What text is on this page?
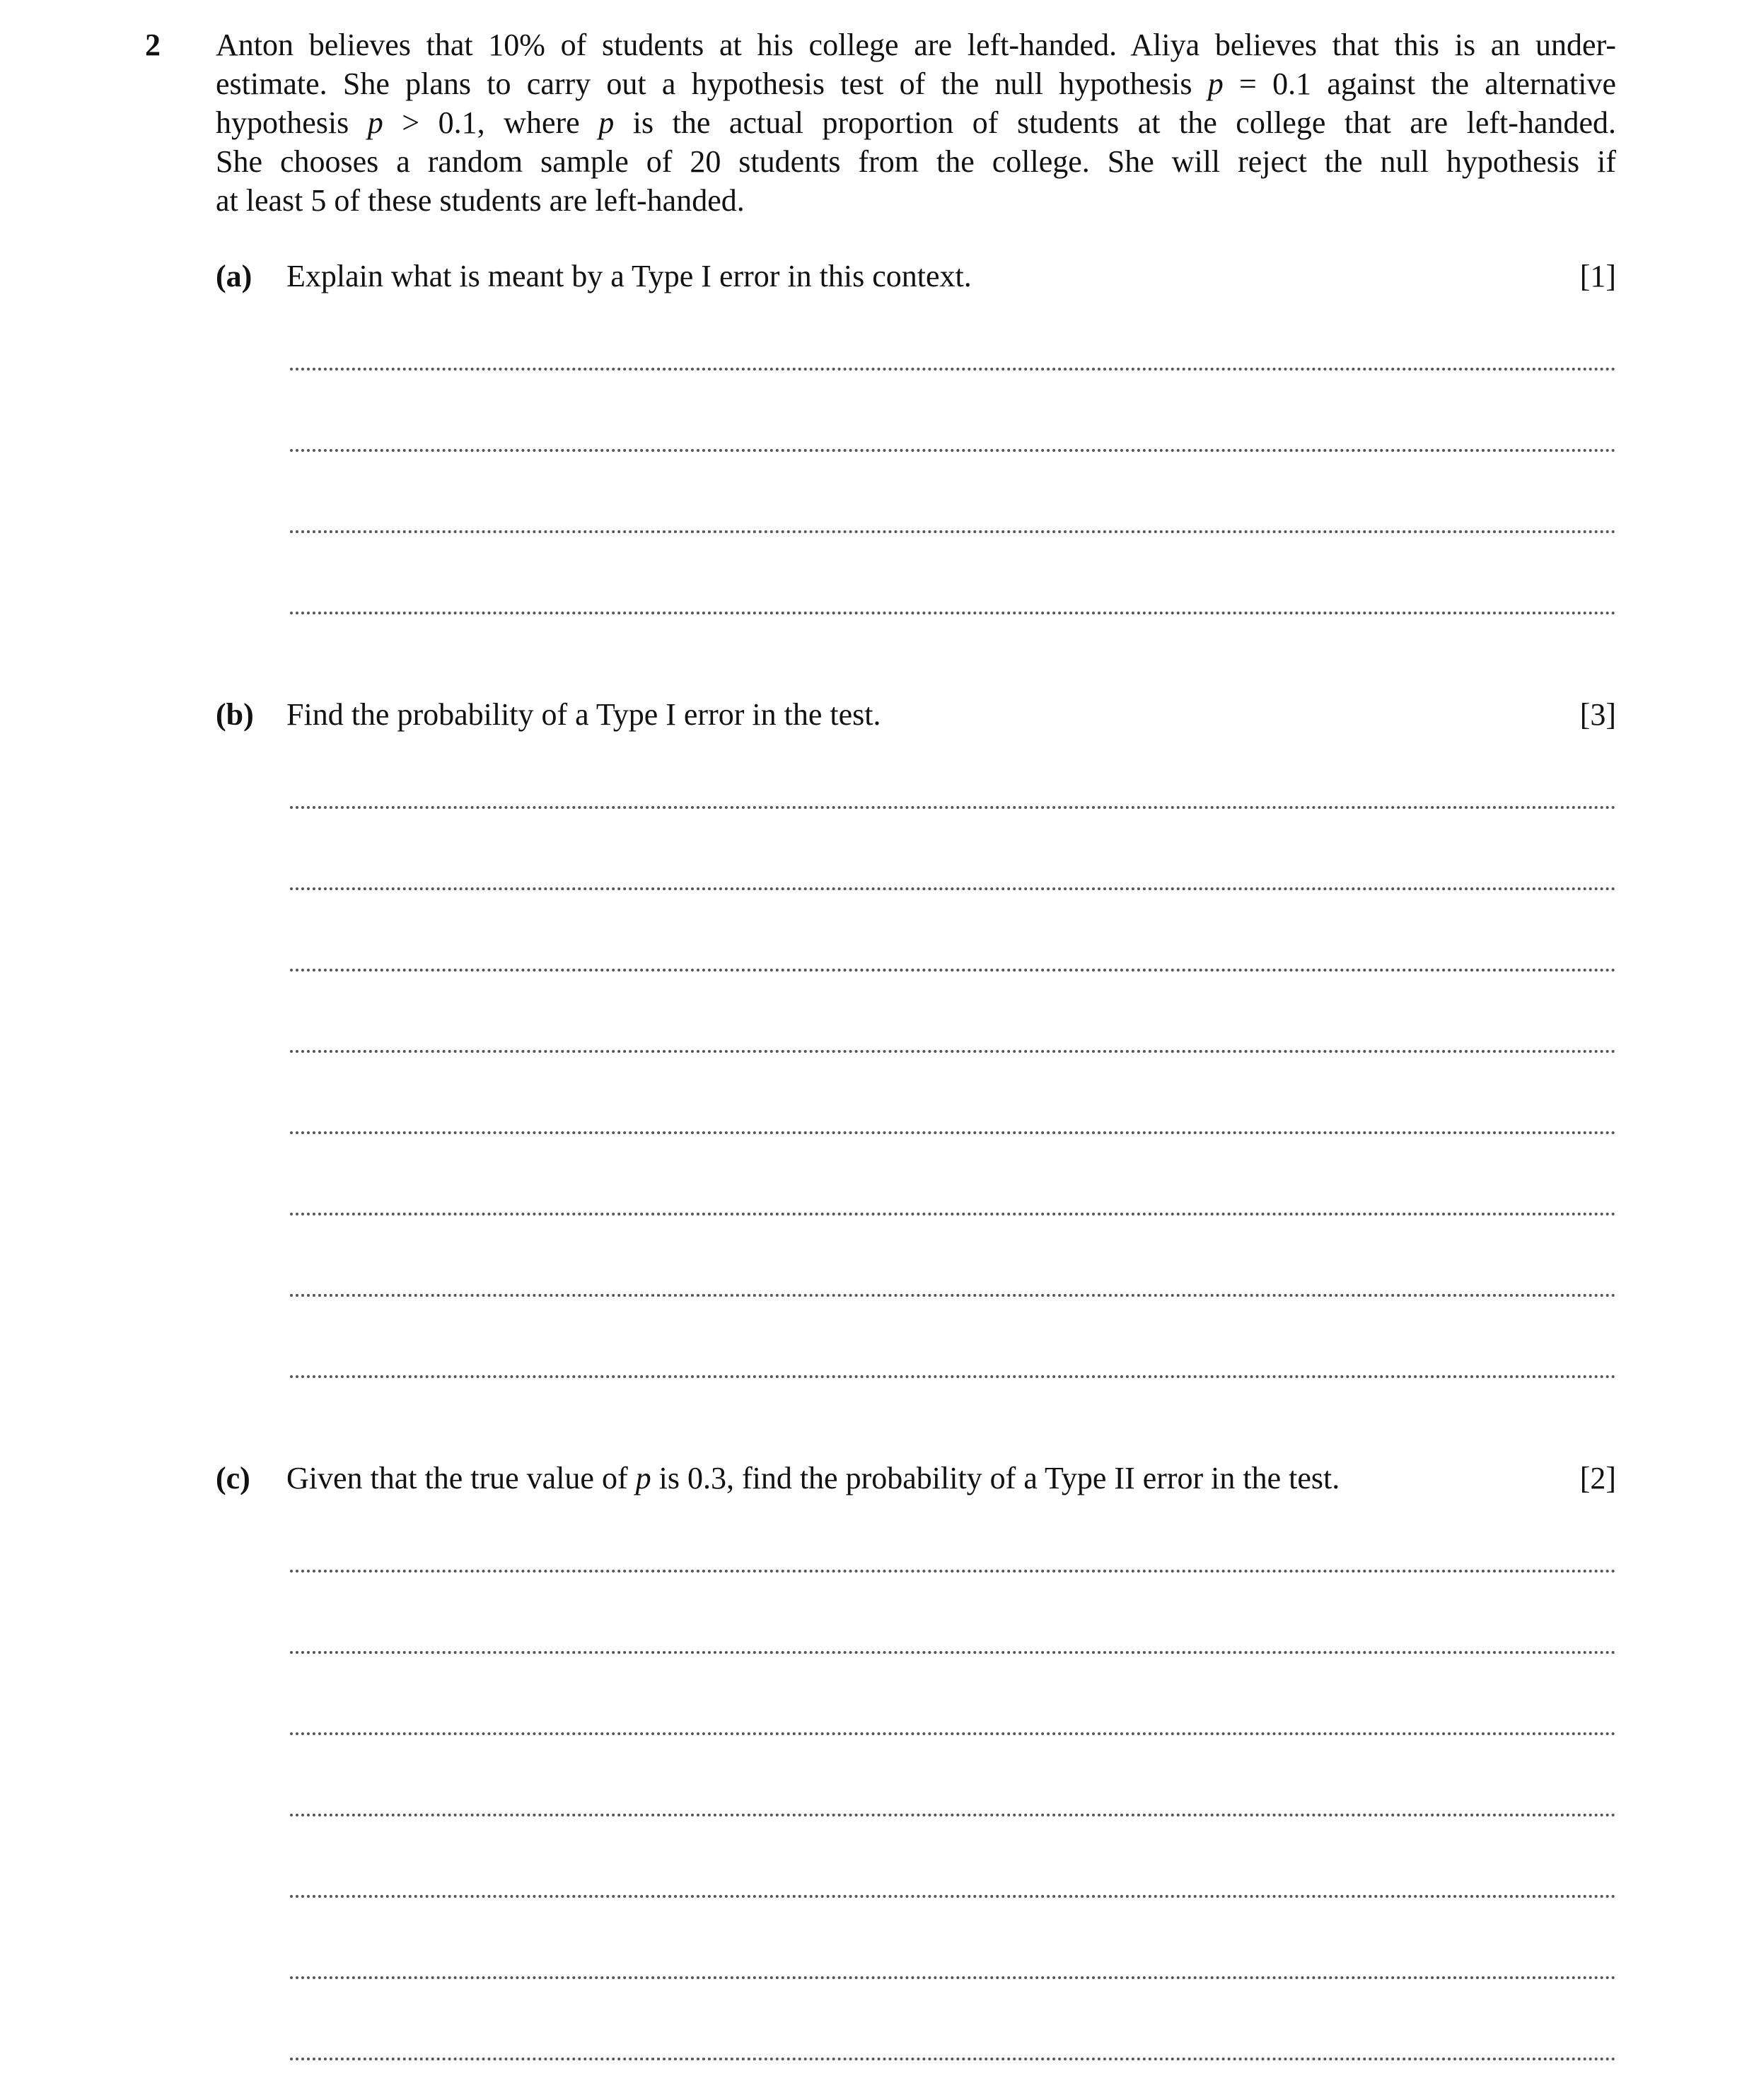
2 Anton believes that 10% of students at his college are left-handed. Aliya believes that this is an under-
estimate. She plans to carry out a hypothesis test of the null hypothesis p = 0.1 against the alternative
hypothesis p > 0.1, where p is the actual proportion of students at the college that are left-handed.
She chooses a random sample of 20 students from the college. She will reject the null hypothesis if
at least 5 of these students are left-handed.
(a) Explain what is meant by a Type I error in this context.	[1]
(b) Find the probability of a Type I error in the test.	[3]
(c) Given that the true value of p is 0.3, find the probability of a Type II error in the test.	[2]
